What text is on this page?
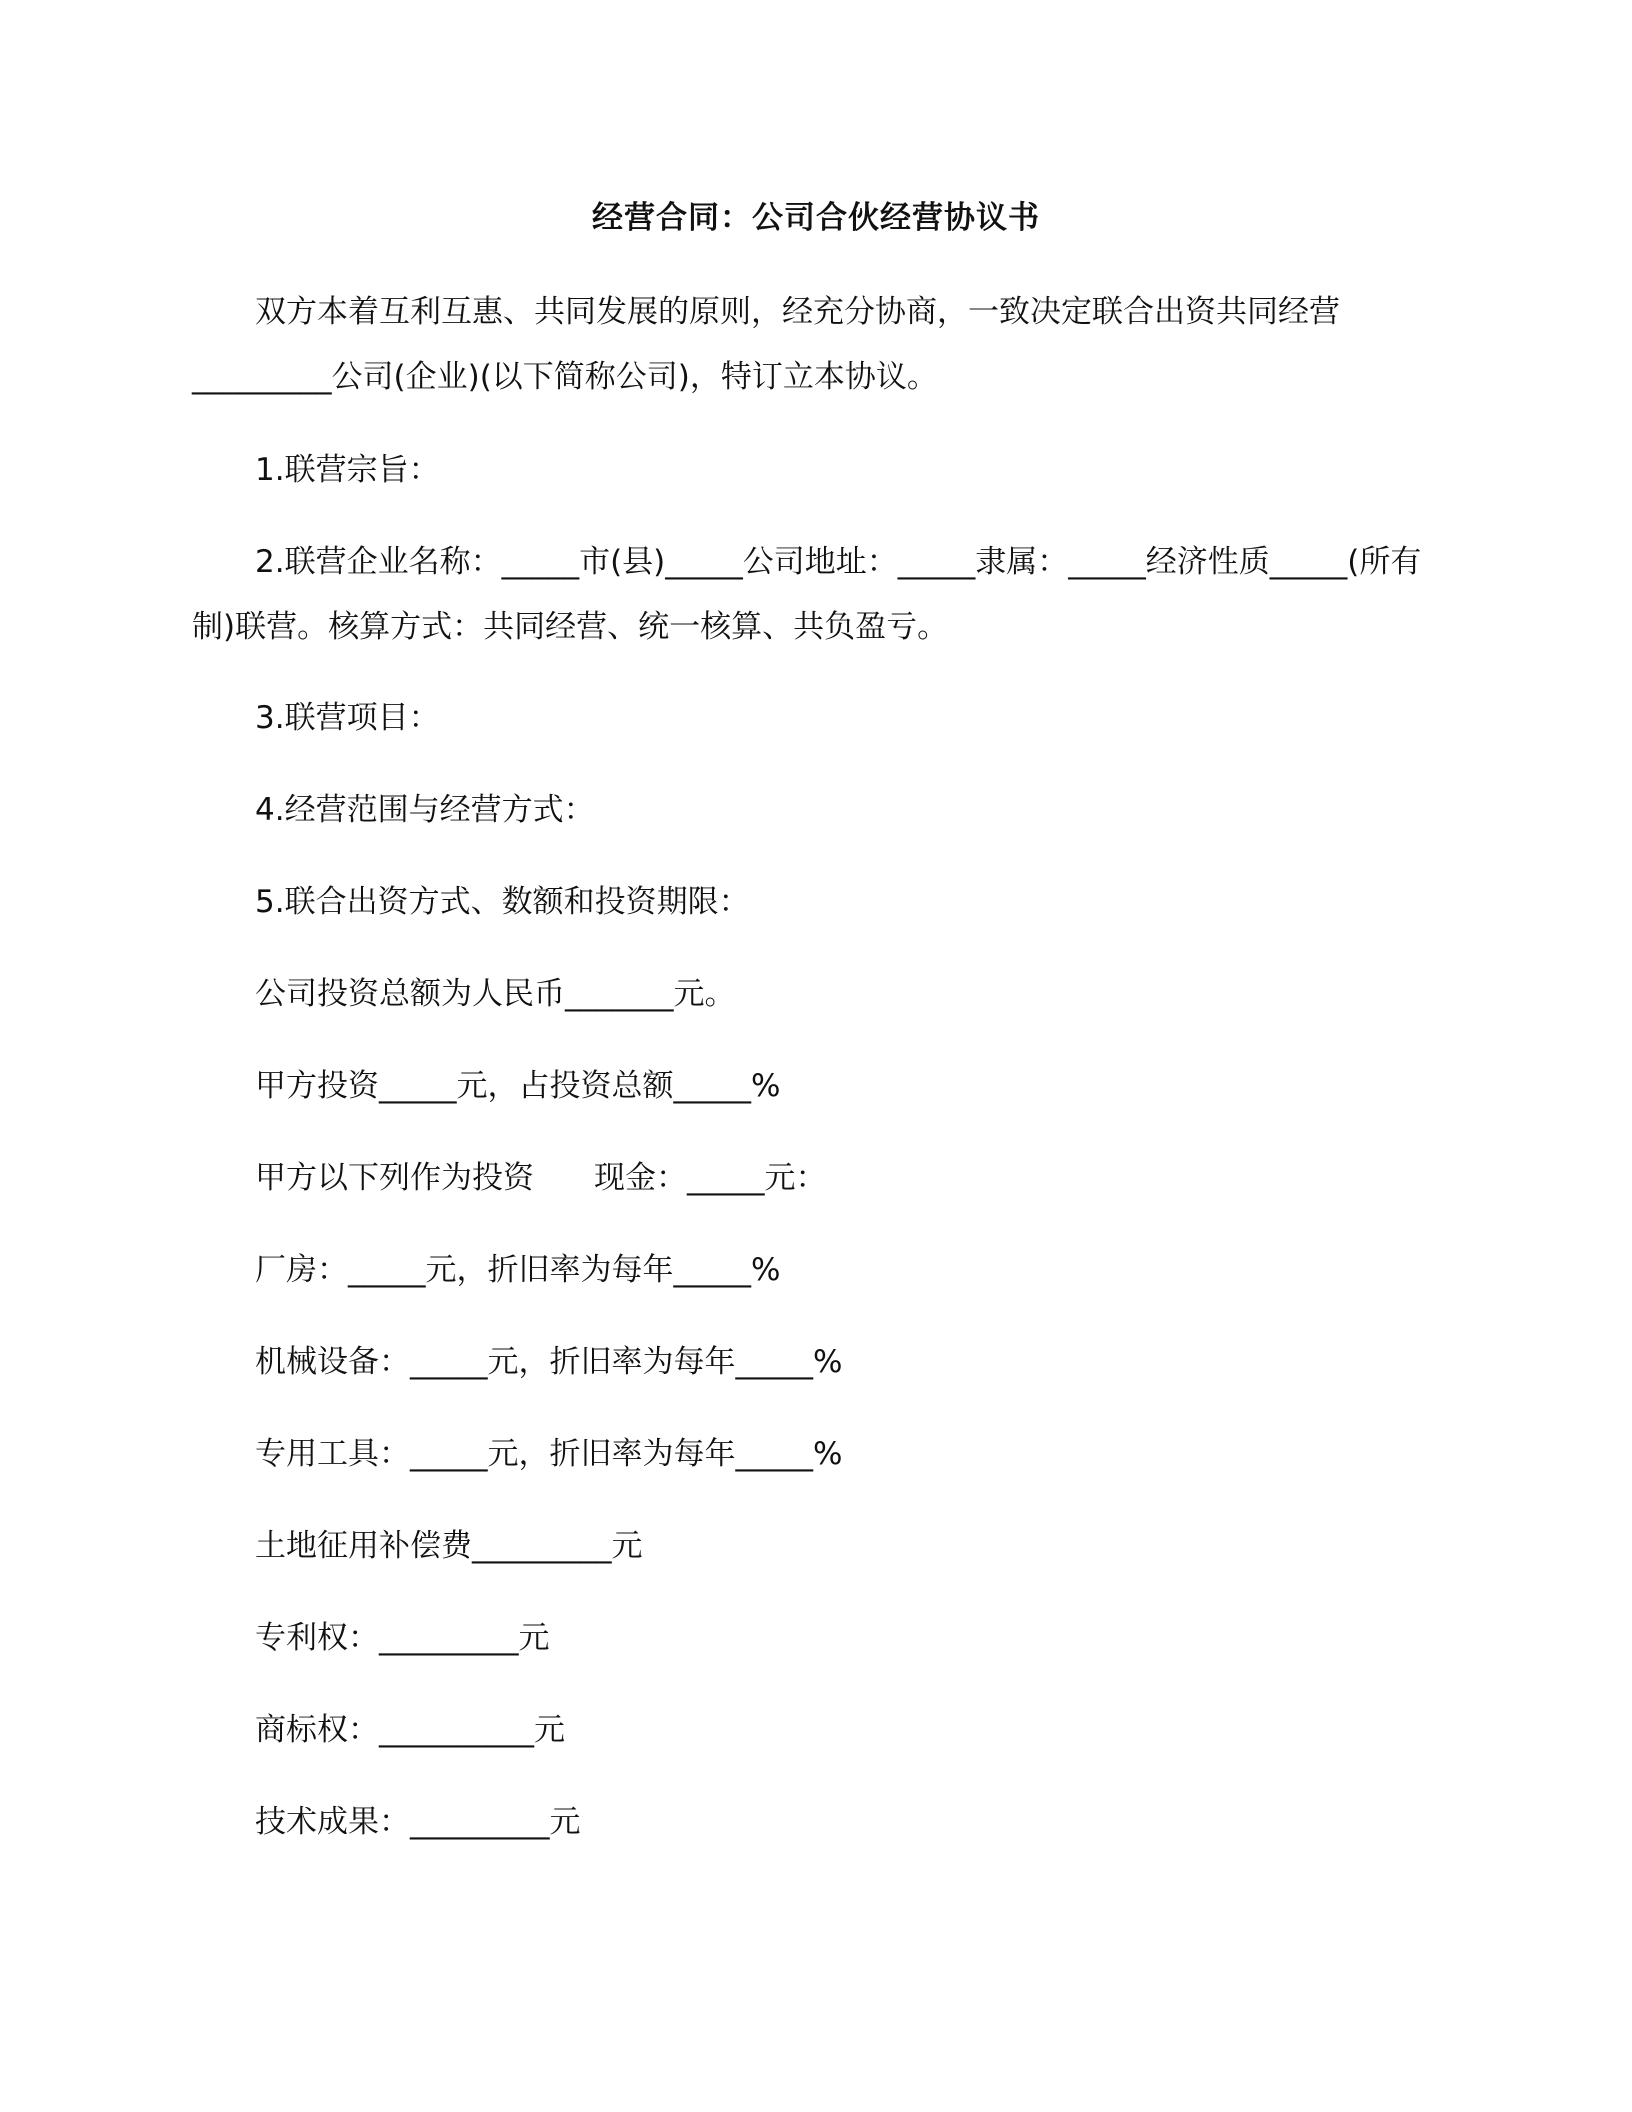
经营合同：公司合伙经营协议书
双方本着互利互惠、共同发展的原则，经充分协商，一致决定联合出资共同经营
_________公司(企业)(以下简称公司)，特订立本协议。
1.联营宗旨：
2.联营企业名称：_____市(县)_____公司地址：_____隶属：_____经济性质_____(所有
制)联营。核算方式：共同经营、统一核算、共负盈亏。
3.联营项目：
4.经营范围与经营方式：
5.联合出资方式、数额和投资期限：
公司投资总额为人民币_______元。
甲方投资_____元，占投资总额_____%
甲方以下列作为投资 现金：_____元：
厂房：_____元，折旧率为每年_____%
机械设备：_____元，折旧率为每年_____%
专用工具：_____元，折旧率为每年_____%
土地征用补偿费_________元
专利权：_________元
商标权：__________元
技术成果：_________元
